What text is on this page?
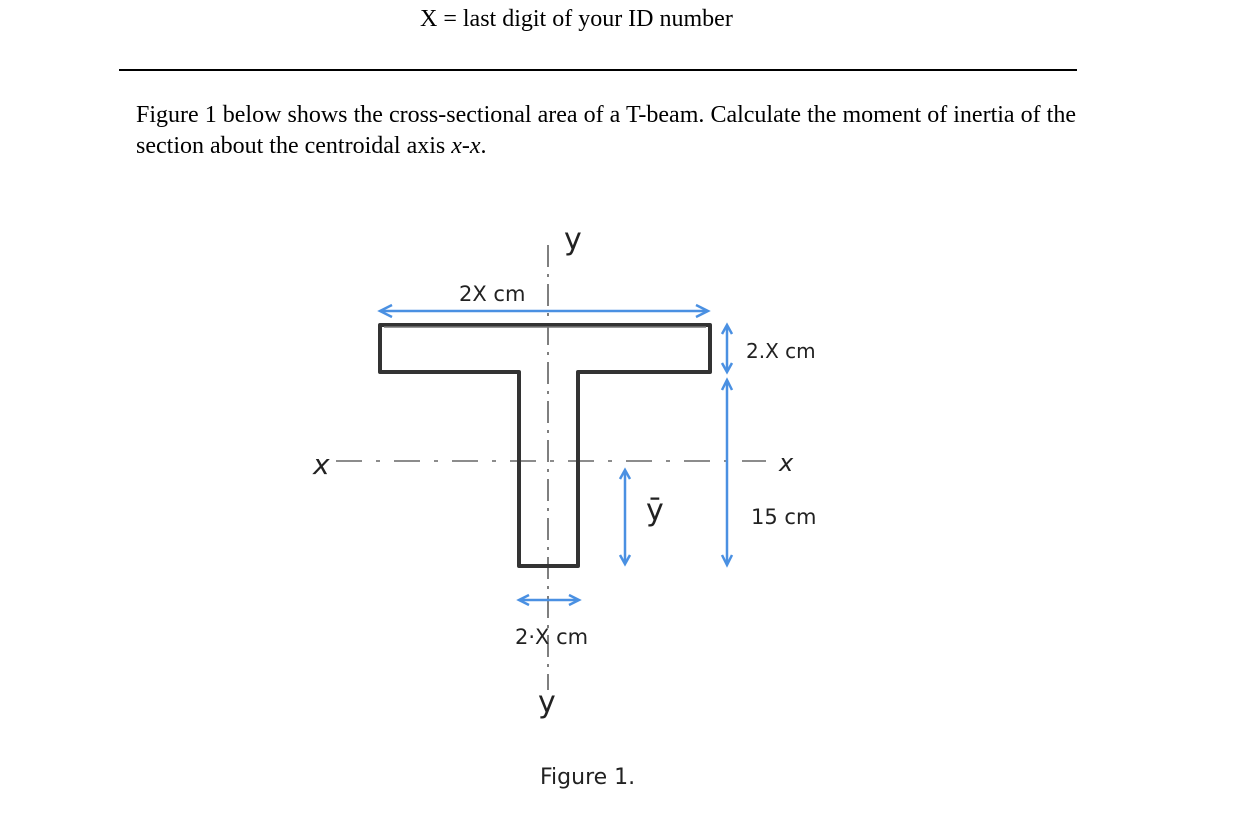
X = last digit of your ID number
Figure 1 below shows the cross-sectional area of a T-beam. Calculate the moment of inertia of the section about the centroidal axis x-x.
y
2X cm
2.X cm
x	x
ȳ	15 cm
2·X cm
y
Figure 1.
